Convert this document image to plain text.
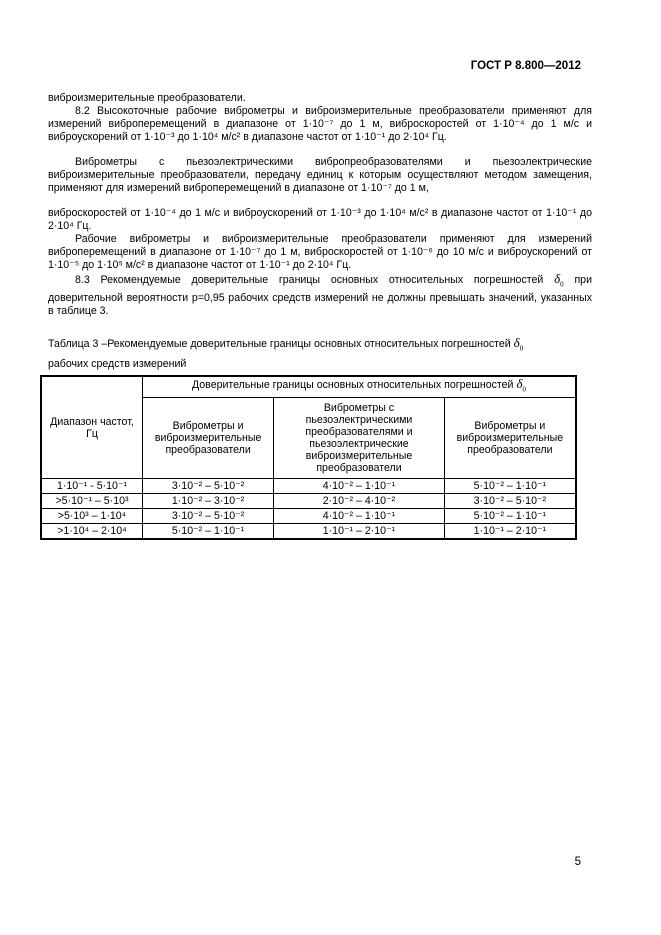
ГОСТ Р 8.800—2012

виброизмерительные преобразователи.

8.2 Высокоточные рабочие виброметры и виброизмерительные преобразователи применяют для измерений виброперемещений в диапазоне от 1·10⁻⁷ до 1 м, виброскоростей от 1·10⁻⁴ до 1 м/с и виброускорений от 1·10⁻³ до 1·10⁴ м/с² в диапазоне частот от 1·10⁻¹ до 2·10⁴ Гц.

Виброметры с пьезоэлектрическими вибропреобразователями и пьезоэлектрические виброизмерительные преобразователи, передачу единиц к которым осуществляют методом замещения, применяют для измерений виброперемещений в диапазоне от 1·10⁻⁷ до 1 м,

виброскоростей от 1·10⁻⁴ до 1 м/с и виброускорений от 1·10⁻³ до 1·10⁴ м/с² в диапазоне частот от 1·10⁻¹ до 2·10⁴ Гц.

Рабочие виброметры и виброизмерительные преобразователи применяют для измерений виброперемещений в диапазоне от 1·10⁻⁷ до 1 м, виброскоростей от 1·10⁻⁶ до 10 м/с и виброускорений от 1·10⁻⁵ до 1·10⁵ м/с² в диапазоне частот от 1·10⁻¹ до 2·10⁴ Гц.

8.3 Рекомендуемые доверительные границы основных относительных погрешностей $\delta_0$ при доверительной вероятности p=0,95 рабочих средств измерений не должны превышать значений, указанных в таблице 3.

Таблица 3 –Рекомендуемые доверительные границы основных относительных погрешностей $\delta_0$

рабочих средств измерений

Диапазон частот, Гц	Доверительные границы основных относительных погрешностей $\delta_0$
	Виброметры и виброизмерительные преобразователи	Виброметры с пьезоэлектрическими преобразователями и пьезоэлектрические виброизмерительные преобразователи	Виброметры и виброизмерительные преобразователи
1·10⁻¹ - 5·10⁻¹	3·10⁻² – 5·10⁻²	4·10⁻² – 1·10⁻¹	5·10⁻² – 1·10⁻¹
>5·10⁻¹ – 5·10³	1·10⁻² – 3·10⁻²	2·10⁻² – 4·10⁻²	3·10⁻² – 5·10⁻²
>5·10³ – 1·10⁴	3·10⁻² – 5·10⁻²	4·10⁻² – 1·10⁻¹	5·10⁻² – 1·10⁻¹
>1·10⁴ – 2·10⁴	5·10⁻² – 1·10⁻¹	1·10⁻¹ – 2·10⁻¹	1·10⁻¹ – 2·10⁻¹
5
